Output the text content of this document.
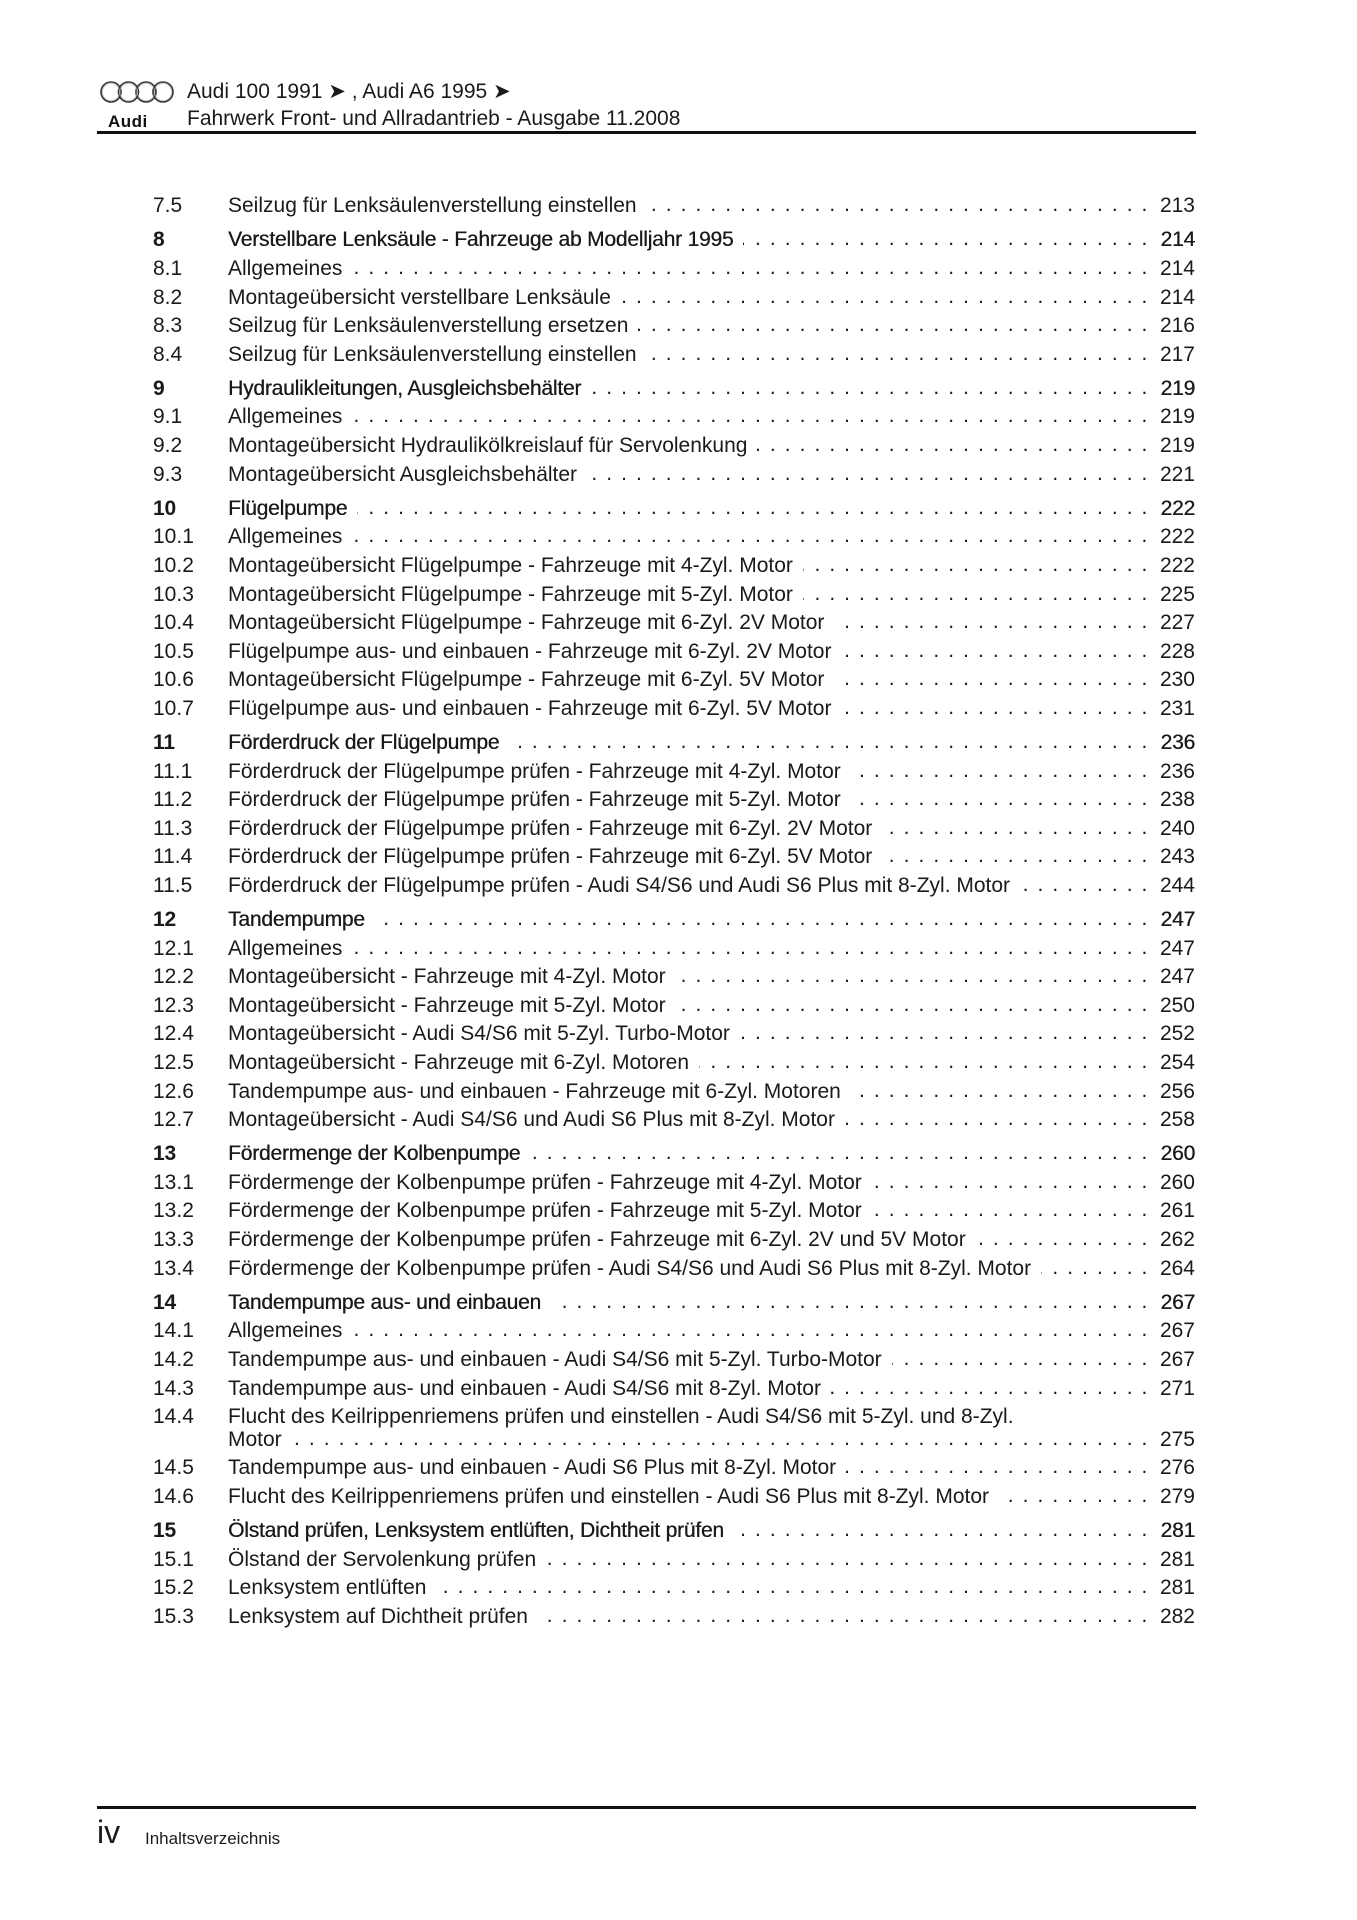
Audi
Audi 100 1991 ➤ , Audi A6 1995 ➤
Fahrwerk Front- und Allradantrieb - Ausgabe 11.2008
7.5	Seilzug für Lenksäulenverstellung einstellen . . .	213
8	Verstellbare Lenksäule - Fahrzeuge ab Modelljahr 1995 . . .	214
8.1	Allgemeines . . .	214
8.2	Montageübersicht verstellbare Lenksäule . . .	214
8.3	Seilzug für Lenksäulenverstellung ersetzen . . .	216
8.4	Seilzug für Lenksäulenverstellung einstellen . . .	217
9	Hydraulikleitungen, Ausgleichsbehälter . . .	219
9.1	Allgemeines . . .	219
9.2	Montageübersicht Hydraulikölkreislauf für Servolenkung . . .	219
9.3	Montageübersicht Ausgleichsbehälter . . .	221
10	Flügelpumpe . . .	222
10.1	Allgemeines . . .	222
10.2	Montageübersicht Flügelpumpe - Fahrzeuge mit 4-Zyl. Motor . . .	222
10.3	Montageübersicht Flügelpumpe - Fahrzeuge mit 5-Zyl. Motor . . .	225
10.4	Montageübersicht Flügelpumpe - Fahrzeuge mit 6-Zyl. 2V Motor . . .	227
10.5	Flügelpumpe aus- und einbauen - Fahrzeuge mit 6-Zyl. 2V Motor . . .	228
10.6	Montageübersicht Flügelpumpe - Fahrzeuge mit 6-Zyl. 5V Motor . . .	230
10.7	Flügelpumpe aus- und einbauen - Fahrzeuge mit 6-Zyl. 5V Motor . . .	231
11	Förderdruck der Flügelpumpe . . .	236
11.1	Förderdruck der Flügelpumpe prüfen - Fahrzeuge mit 4-Zyl. Motor . . .	236
11.2	Förderdruck der Flügelpumpe prüfen - Fahrzeuge mit 5-Zyl. Motor . . .	238
11.3	Förderdruck der Flügelpumpe prüfen - Fahrzeuge mit 6-Zyl. 2V Motor . . .	240
11.4	Förderdruck der Flügelpumpe prüfen - Fahrzeuge mit 6-Zyl. 5V Motor . . .	243
11.5	Förderdruck der Flügelpumpe prüfen - Audi S4/S6 und Audi S6 Plus mit 8-Zyl. Motor . . .	244
12	Tandempumpe . . .	247
12.1	Allgemeines . . .	247
12.2	Montageübersicht - Fahrzeuge mit 4-Zyl. Motor . . .	247
12.3	Montageübersicht - Fahrzeuge mit 5-Zyl. Motor . . .	250
12.4	Montageübersicht - Audi S4/S6 mit 5-Zyl. Turbo-Motor . . .	252
12.5	Montageübersicht - Fahrzeuge mit 6-Zyl. Motoren . . .	254
12.6	Tandempumpe aus- und einbauen - Fahrzeuge mit 6-Zyl. Motoren . . .	256
12.7	Montageübersicht - Audi S4/S6 und Audi S6 Plus mit 8-Zyl. Motor . . .	258
13	Fördermenge der Kolbenpumpe . . .	260
13.1	Fördermenge der Kolbenpumpe prüfen - Fahrzeuge mit 4-Zyl. Motor . . .	260
13.2	Fördermenge der Kolbenpumpe prüfen - Fahrzeuge mit 5-Zyl. Motor . . .	261
13.3	Fördermenge der Kolbenpumpe prüfen - Fahrzeuge mit 6-Zyl. 2V und 5V Motor . . .	262
13.4	Fördermenge der Kolbenpumpe prüfen - Audi S4/S6 und Audi S6 Plus mit 8-Zyl. Motor . . .	264
14	Tandempumpe aus- und einbauen . . .	267
14.1	Allgemeines . . .	267
14.2	Tandempumpe aus- und einbauen - Audi S4/S6 mit 5-Zyl. Turbo-Motor . . .	267
14.3	Tandempumpe aus- und einbauen - Audi S4/S6 mit 8-Zyl. Motor . . .	271
14.4	Flucht des Keilrippenriemens prüfen und einstellen - Audi S4/S6 mit 5-Zyl. und 8-Zyl.
Motor . . .	275
14.5	Tandempumpe aus- und einbauen - Audi S6 Plus mit 8-Zyl. Motor . . .	276
14.6	Flucht des Keilrippenriemens prüfen und einstellen - Audi S6 Plus mit 8-Zyl. Motor . . .	279
15	Ölstand prüfen, Lenksystem entlüften, Dichtheit prüfen . . .	281
15.1	Ölstand der Servolenkung prüfen . . .	281
15.2	Lenksystem entlüften . . .	281
15.3	Lenksystem auf Dichtheit prüfen . . .	282
iv Inhaltsverzeichnis
